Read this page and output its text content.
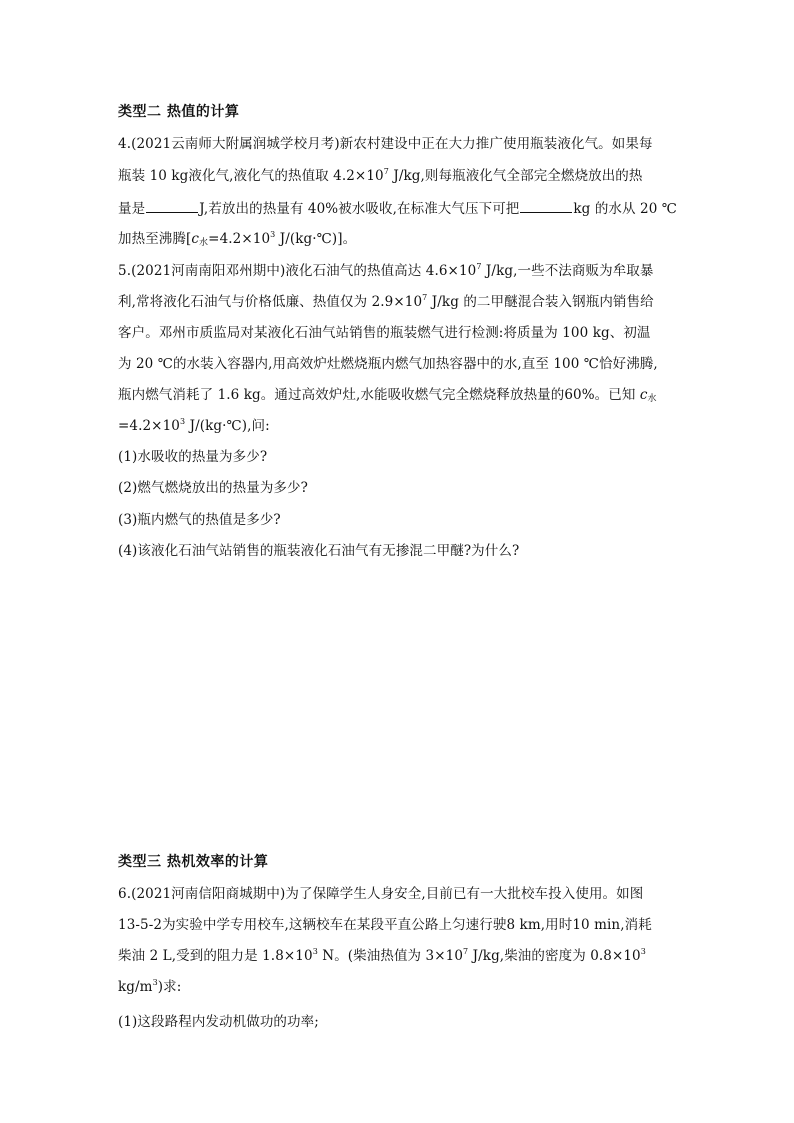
类型二 热值的计算
4.(2021云南师大附属润城学校月考)新农村建设中正在大力推广使用瓶装液化气。如果每
瓶装 10 kg液化气,液化气的热值取 $4.2\times 10^7$ J/kg,则每瓶液化气全部完全燃烧放出的热
量是	J,若放出的热量有 40%被水吸收,在标准大气压下可把	kg 的水从 20 ℃
加热至沸腾[$c_水=4.2\times 10^3$ J/(kg·℃)]。
5.(2021河南南阳邓州期中)液化石油气的热值高达 $4.6\times 10^7$ J/kg,一些不法商贩为牟取暴
利,常将液化石油气与价格低廉、热值仅为 $2.9\times 10^7$ J/kg 的二甲醚混合装入钢瓶内销售给
客户。邓州市质监局对某液化石油气站销售的瓶装燃气进行检测:将质量为 100 kg、初温
为 20 ℃的水装入容器内,用高效炉灶燃烧瓶内燃气加热容器中的水,直至 100 ℃恰好沸腾,
瓶内燃气消耗了 1.6 kg。通过高效炉灶,水能吸收燃气完全燃烧释放热量的60%。已知 $c_水$
$=4.2\times 10^3$ J/(kg·℃),问:
(1)水吸收的热量为多少?
(2)燃气燃烧放出的热量为多少?
(3)瓶内燃气的热值是多少?
(4)该液化石油气站销售的瓶装液化石油气有无掺混二甲醚?为什么?
类型三 热机效率的计算
6.(2021河南信阳商城期中)为了保障学生人身安全,目前已有一大批校车投入使用。如图
13-5-2为实验中学专用校车,这辆校车在某段平直公路上匀速行驶8 km,用时10 min,消耗
柴油 2 L,受到的阻力是 $1.8\times 10^3$ N。(柴油热值为 $3\times 10^7$ J/kg,柴油的密度为 $0.8\times 10^3$
$kg/m^3$)求:
(1)这段路程内发动机做功的功率;
